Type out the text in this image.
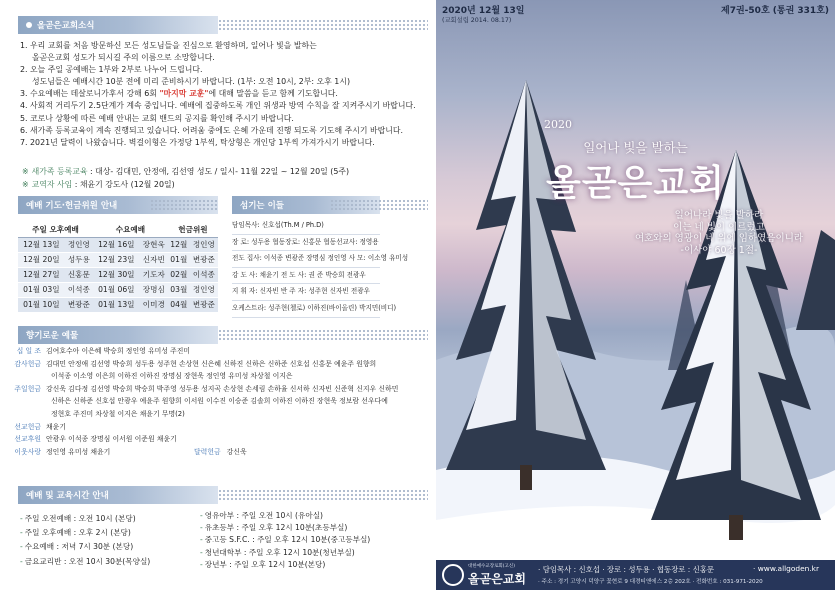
올곧은교회소식
1. 우리 교회를 처음 방문하신 모든 성도님들을 진심으로 환영하며, 일어나 빛을 발하는
올곧은교회 성도가 되시길 주의 이름으로 소망합니다.
2. 오늘 주일 공예배는 1부와 2부로 나누어 드립니다.
성도님들은 예배시간 10분 전에 미리 준비하시기 바랍니다. (1부: 오전 10시, 2부: 오후 1시)
3. 수요예배는 데살로니가후서 강해 6회 "마지막 교훈"에 대해 말씀을 듣고 함께 기도합니다.
4. 사회적 거리두기 2.5단계가 계속 중입니다. 예배에 집중하도록 개인 위생과 방역 수칙을 잘 지켜주시기 바랍니다.
5. 코로나 상황에 따른 예배 안내는 교회 밴드의 공지를 확인해 주시기 바랍니다.
6. 새가족 등록교육이 계속 진행되고 있습니다. 어려움 중에도 은혜 가운데 진행 되도록 기도해 주시기 바랍니다.
7. 2021년 달력이 나왔습니다. 벽걸이형은 가정당 1부씩, 탁상형은 개인당 1부씩 가져가시기 바랍니다.
※ 새가족 등록교육 : 대상- 김대민, 안정애, 김선영 성도 / 일시- 11월 22일 ~ 12월 20일 (5주)
※ 교역자 사임 : 채윤기 강도사 (12월 20일)
예배 기도·헌금위원 안내
주일 오후예배		수요예배		헌금위원	
12월 13일	정인영	12월 16일	장현욱	12월	정인영
12월 20일	성두용	12월 23일	신자빈	01월	변광준
12월 27일	신홍문	12월 30일	기도자	02월	이석종
01월 03일	이석종	01월 06일	장명심	03월	정인영
01월 10일	변광준	01월 13일	이미경	04월	변광준
섬기는 이들
담임목사: 신호섭(Th.M / Ph.D)
장 로: 성두용 협동장로: 신홍문 협동선교사: 정영용
전도 집사: 이석종 변광준 장명심 정인영 사 모: 이소영 유미성
강 도 사: 채윤기 전 도 사: 권 준 박승희 전광우
지 휘 자: 신자빈 반 주 자: 성주현 신자빈 전광우
오케스트라: 성주현(첼로) 이하진(바이올린) 박지민(비디)
향기로운 예물
십 일 조 김여호수아 이은혜 박승희 정인영 유미성 주진미
감사헌금 김대민 안정애 김선영 박승희 성두용 성주현 손상현 신은혜 신하진 신하은 신하준 신호섭 신홍문 예윤주 원향희
이석종 이소영 이은희 이하진 이하진 장명심 장현욱 정인영 유미성 차상철 이지은
주일헌금 강신욱 김다정 김선영 박승희 박승희 박주영 성두용 성지곡 손상현 손세림 손하율 신서하 신자빈 신준혁 신지우 신하민
신하은 신하준 신호섭 안광우 예윤주 원향희 이서원 이수진 이승준 김솔희 이하진 이하진 장현욱 정보람 선우다예
정현호 주진미 차상철 이지은 채윤기 무명(2)
선교헌금 채윤기
선교후원 안광우 이석종 장명심 이서원 이준원 채윤기
이웃사랑 정인영 유미성 채윤기	달력헌금 강신욱
예배 및 교육시간 안내
- 주일 오전예배 : 오전 10시 (본당)
- 주일 오후예배 : 오후 2시 (본당)
- 수요예배 : 저녁 7시 30분 (본당)
- 금요교리반 : 오전 10시 30분(목양실)
- 영유아부 : 주일 오전 10시 (유아실)
- 유초등부 : 주일 오후 12시 10분(초등부실)
- 중고등 S.F.C. : 주일 오후 12시 10분(중고등부실)
- 청년대학부 : 주일 오후 12시 10분(청년부실)
- 장년부 : 주일 오후 12시 10분(본당)
2020년 12월 13일
(교회설립 2014. 08.17)
제7권-50호 (통권 331호)
2020
일어나 빛을 발하는
올곧은교회
일어나라 빛을 발하라
이는 네 빛이 이르렀고
여호와의 영광이 네 위에 임하였음이니라
-이사야 60장 1절-
대한예수교장로회(고신)
올곧은교회
· 담임목사 : 신호섭 · 장로 : 성두용 · 협동장로 : 신홍문	· www.allgoden.kr
· 주소 : 경기 고양시 덕양구 꽃현로 9 대경티앤에스 2층 202호 · 전화번호 : 031-971-2020
